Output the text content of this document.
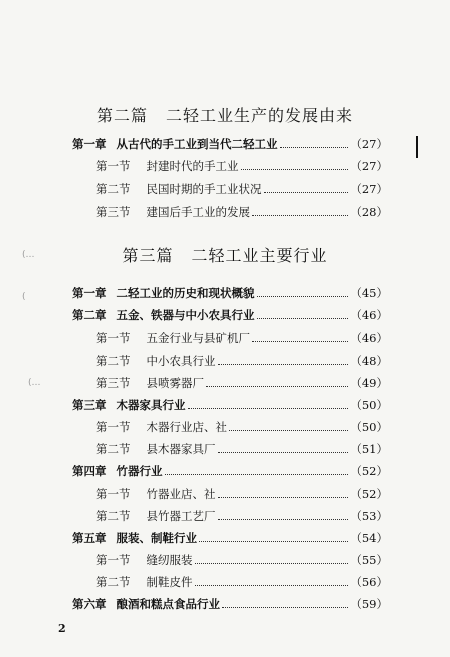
第二篇 二轻工业生产的发展由来
第一章 从古代的手工业到当代二轻工业	（27）
第一节 封建时代的手工业	（27）
第二节 民国时期的手工业状况	（27）
第三节 建国后手工业的发展	（28）
第三篇 二轻工业主要行业
第一章 二轻工业的历史和现状概貌	（45）
第二章 五金、铁器与中小农具行业	（46）
第一节 五金行业与县矿机厂	（46）
第二节 中小农具行业	（48）
第三节 县喷雾器厂	（49）
第三章 木器家具行业	（50）
第一节 木器行业店、社	（50）
第二节 县木器家具厂	（51）
第四章 竹器行业	（52）
第一节 竹器业店、社	（52）
第二节 县竹器工艺厂	（53）
第五章 服装、制鞋行业	（54）
第一节 缝纫服装	（55）
第二节 制鞋皮件	（56）
第六章 酿酒和糕点食品行业	（59）
2
(…
(
(…
